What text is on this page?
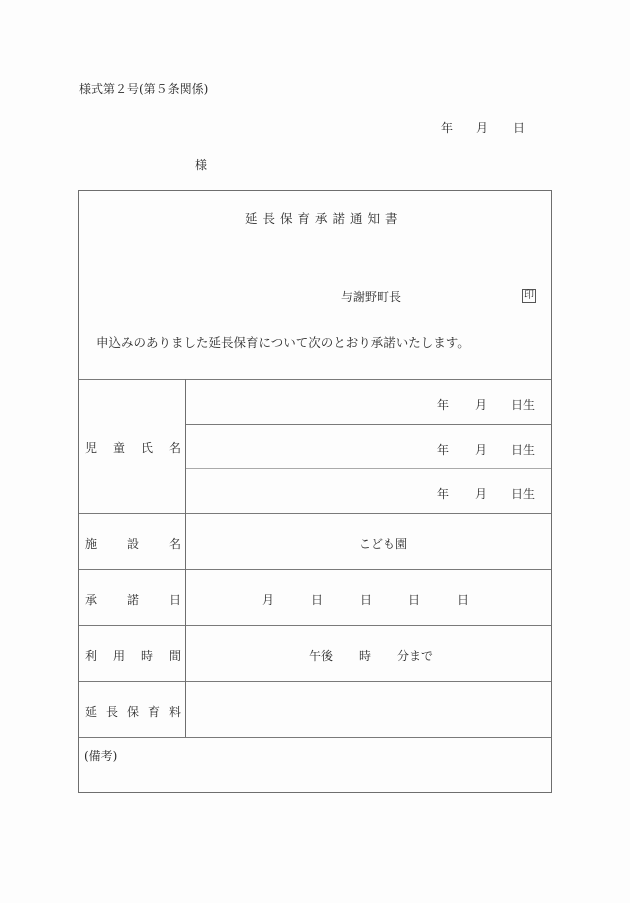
様式第２号(第５条関係)
年 月 日
様
延長保育承諾通知書
与謝野町長	印
申込みのありました延長保育について次のとおり承諾いたします。
児 童 氏 名
年 月 日生
年 月 日生
年 月 日生
施 設 名	こども園
承 諾 日	月	日	日	日	日
利 用 時 間	午後 時 分まで
延 長 保 育 料
(備考)
